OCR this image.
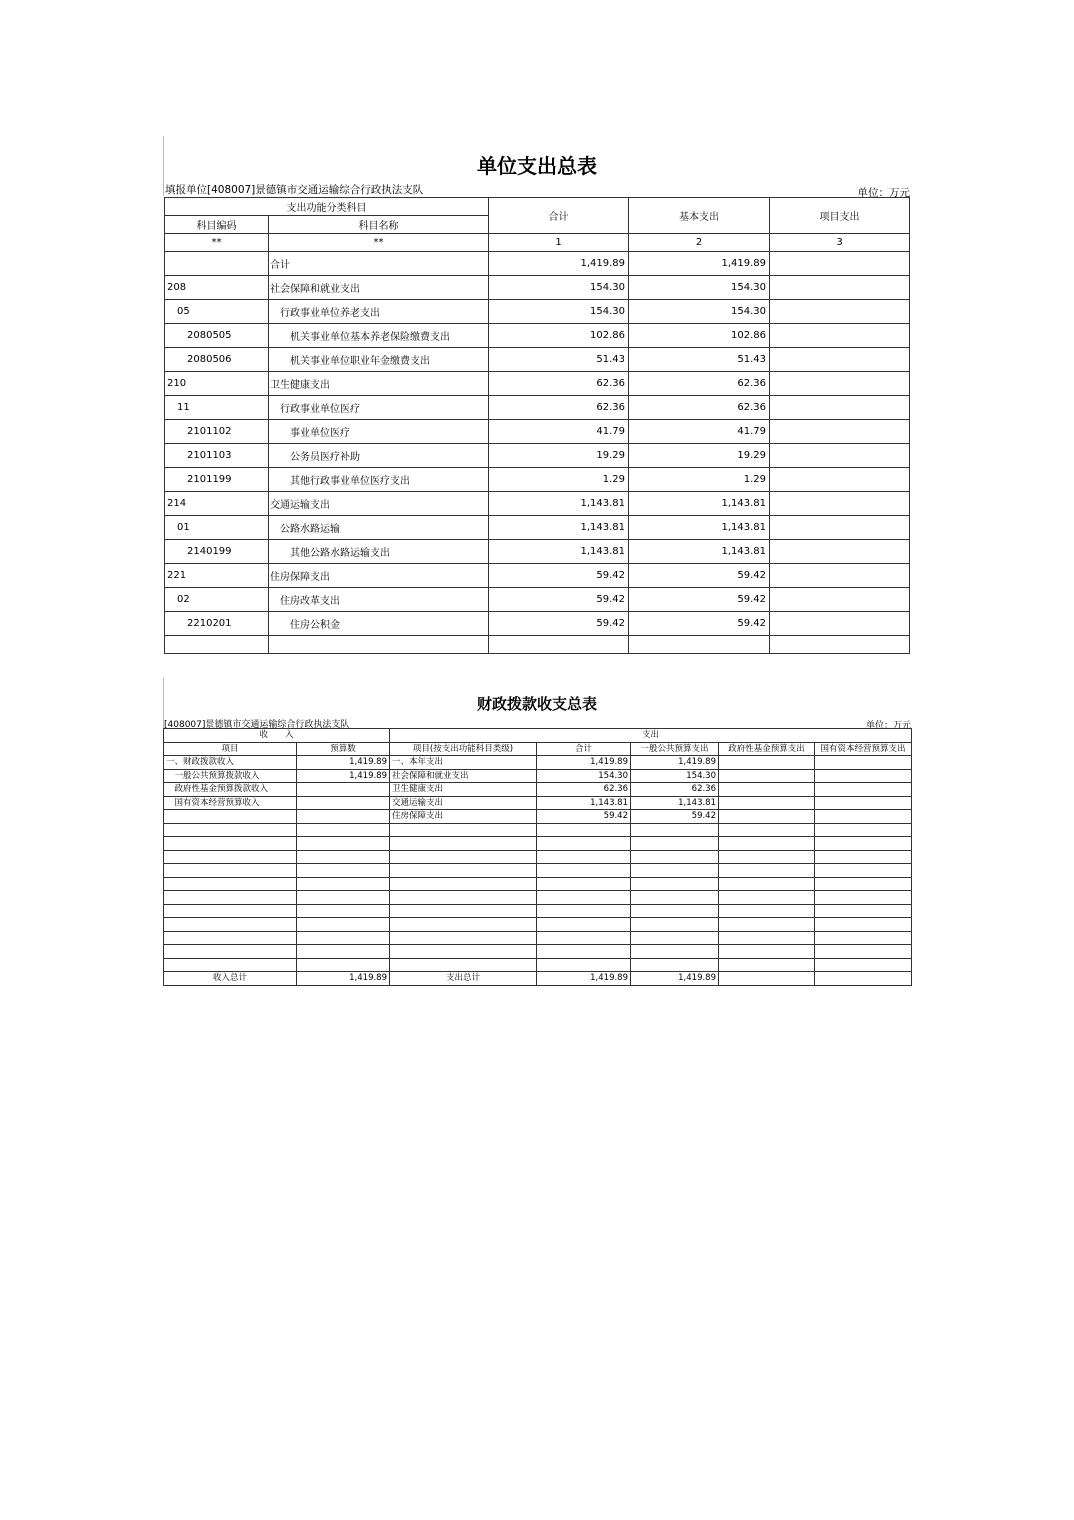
单位支出总表
填报单位[408007]景德镇市交通运输综合行政执法支队	单位：万元
支出功能分类科目		合计	基本支出	项目支出
科目编码	科目名称			
**	**	1	2	3
	合计	1,419.89	1,419.89	
208	社会保障和就业支出	154.30	154.30	
05	行政事业单位养老支出	154.30	154.30	
2080505	机关事业单位基本养老保险缴费支出	102.86	102.86	
2080506	机关事业单位职业年金缴费支出	51.43	51.43	
210	卫生健康支出	62.36	62.36	
11	行政事业单位医疗	62.36	62.36	
2101102	事业单位医疗	41.79	41.79	
2101103	公务员医疗补助	19.29	19.29	
2101199	其他行政事业单位医疗支出	1.29	1.29	
214	交通运输支出	1,143.81	1,143.81	
01	公路水路运输	1,143.81	1,143.81	
2140199	其他公路水路运输支出	1,143.81	1,143.81	
221	住房保障支出	59.42	59.42	
02	住房改革支出	59.42	59.42	
2210201	住房公积金	59.42	59.42	

财政拨款收支总表
[408007]景德镇市交通运输综合行政执法支队	单位：万元
收　　入		支出				
项目	预算数	项目(按支出功能科目类级)	合计	一般公共预算支出	政府性基金预算支出	国有资本经营预算支出
一、财政拨款收入	1,419.89	一、本年支出	1,419.89	1,419.89		
　一般公共预算拨款收入	1,419.89	社会保障和就业支出	154.30	154.30		
　政府性基金预算拨款收入		卫生健康支出	62.36	62.36		
　国有资本经营预算收入		交通运输支出	1,143.81	1,143.81		
		住房保障支出	59.42	59.42		

收入总计	1,419.89	支出总计	1,419.89	1,419.89		
